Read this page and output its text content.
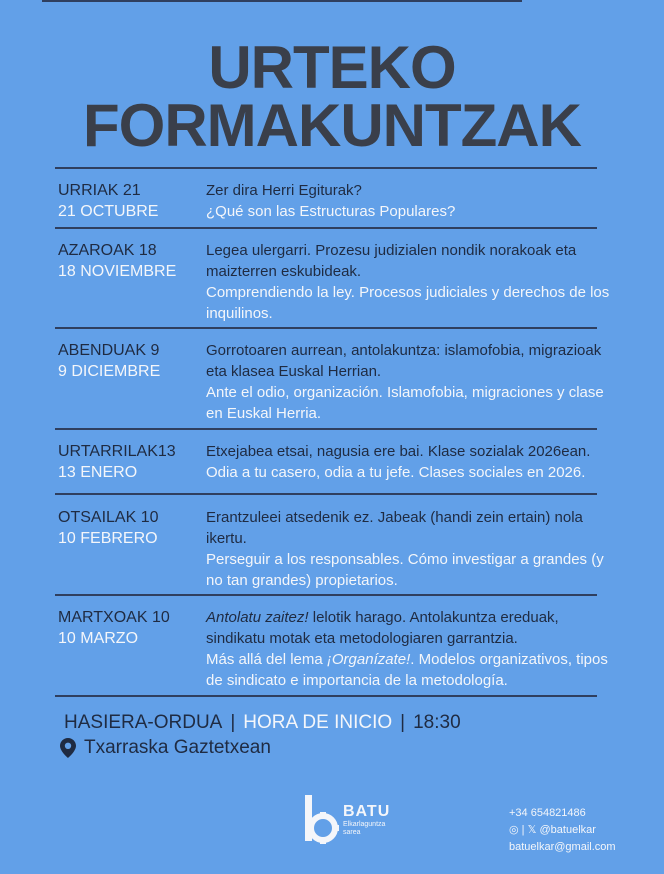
URTEKO
FORMAKUNTZAK
URRIAK 21
21 OCTUBRE
Zer dira Herri Egiturak?
¿Qué son las Estructuras Populares?
AZAROAK 18
18 NOVIEMBRE
Legea ulergarri. Prozesu judizialen nondik norakoak eta maizterren eskubideak.
Comprendiendo la ley. Procesos judiciales y derechos de los inquilinos.
ABENDUAK 9
9 DICIEMBRE
Gorrotoaren aurrean, antolakuntza: islamofobia, migrazioak eta klasea Euskal Herrian.
Ante el odio, organización. Islamofobia, migraciones y clase en Euskal Herria.
URTARRILAK13
13 ENERO
Etxejabea etsai, nagusia ere bai. Klase sozialak 2026ean.
Odia a tu casero, odia a tu jefe. Clases sociales en 2026.
OTSAILAK 10
10 FEBRERO
Erantzuleei atsedenik ez. Jabeak (handi zein ertain) nola ikertu.
Perseguir a los responsables. Cómo investigar a grandes (y no tan grandes) propietarios.
MARTXOAK 10
10 MARZO
Antolatu zaitez! lelotik harago. Antolakuntza ereduak, sindikatu motak eta metodologiaren garrantzia.
Más allá del lema ¡Organízate!. Modelos organizativos, tipos de sindicato e importancia de la metodología.
HASIERA-ORDUA | HORA DE INICIO | 18:30
Txarraska Gaztetxean
BATU
Elkarlaguntza
sarea
+34 654821486
◎ | 𝕏 @batuelkar
batuelkar@gmail.com
